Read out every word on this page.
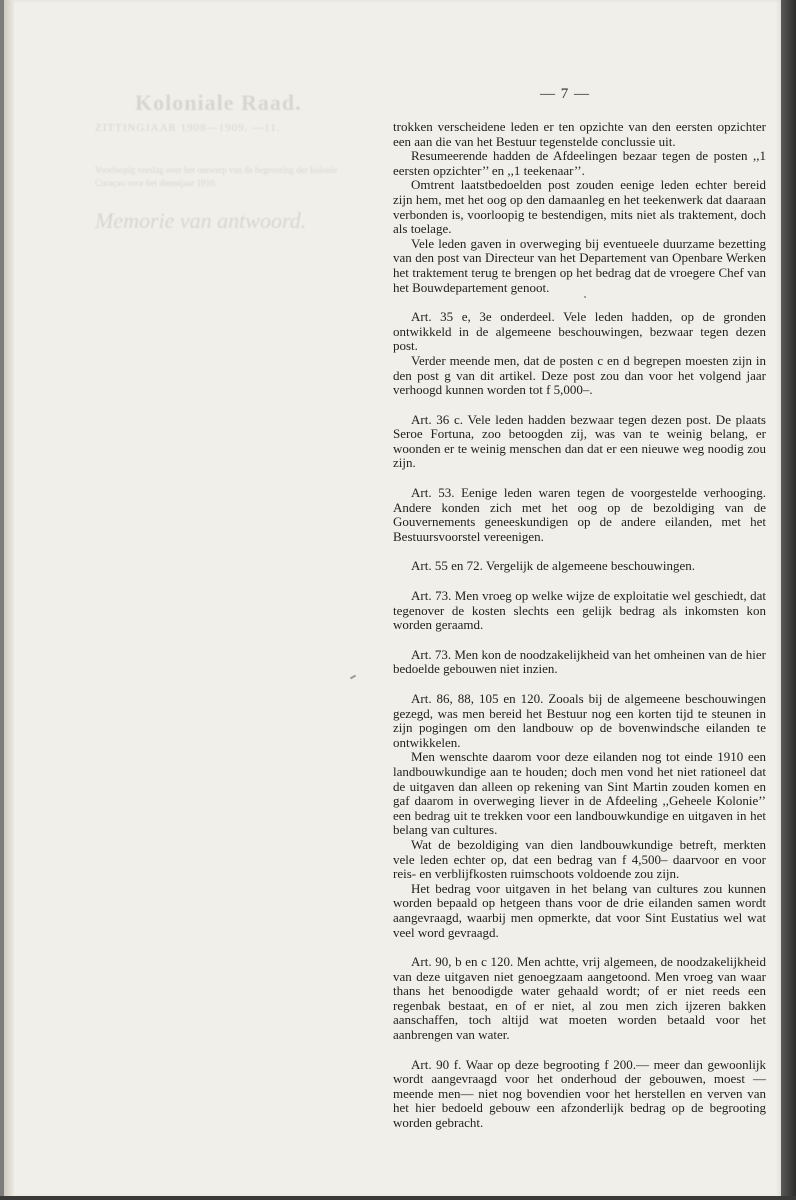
Koloniale Raad.
ZITTINGJAAR 1908—1909. —11.
Voorloopig verslag over het ontwerp van de begrooting der kolonie Curaçao voor het dienstjaar 1910.
Memorie van antwoord.
— 7 —

trokken verscheidene leden er ten opzichte van den eersten opzichter een aan die van het Bestuur tegenstelde conclussie uit.

Resumeerende hadden de Afdeelingen bezaar tegen de posten ,,1 eersten opzichter’’ en ,,1 teekenaar’’.

Omtrent laatstbedoelden post zouden eenige leden echter bereid zijn hem, met het oog op den damaanleg en het teekenwerk dat daaraan verbonden is, voorloopig te bestendigen, mits niet als traktement, doch als toelage.

Vele leden gaven in overweging bij eventueele duurzame bezetting van den post van Directeur van het Departement van Openbare Werken het traktement terug te brengen op het bedrag dat de vroegere Chef van het Bouwdepartement genoot.

Art. 35 e, 3e onderdeel. Vele leden hadden, op de gronden ontwikkeld in de algemeene beschouwingen, bezwaar tegen dezen post.

Verder meende men, dat de posten c en d begrepen moesten zijn in den post g van dit artikel. Deze post zou dan voor het volgend jaar verhoogd kunnen worden tot f 5,000–.

Art. 36 c. Vele leden hadden bezwaar tegen dezen post. De plaats Seroe Fortuna, zoo betoogden zij, was van te weinig belang, er woonden er te weinig menschen dan dat er een nieuwe weg noodig zou zijn.

Art. 53. Eenige leden waren tegen de voorgestelde verhooging. Andere konden zich met het oog op de bezoldiging van de Gouvernements geneeskundigen op de andere eilanden, met het Bestuursvoorstel vereenigen.

Art. 55 en 72. Vergelijk de algemeene beschouwingen.

Art. 73. Men vroeg op welke wijze de exploitatie wel geschiedt, dat tegenover de kosten slechts een gelijk bedrag als inkomsten kon worden geraamd.

Art. 73. Men kon de noodzakelijkheid van het omheinen van de hier bedoelde gebouwen niet inzien.

Art. 86, 88, 105 en 120. Zooals bij de algemeene beschouwingen gezegd, was men bereid het Bestuur nog een korten tijd te steunen in zijn pogingen om den landbouw op de bovenwindsche eilanden te ontwikkelen.

Men wenschte daarom voor deze eilanden nog tot einde 1910 een landbouwkundige aan te houden; doch men vond het niet rationeel dat de uitgaven dan alleen op rekening van Sint Martin zouden komen en gaf daarom in overweging liever in de Afdeeling ,,Geheele Kolonie’’ een bedrag uit te trekken voor een landbouwkundige en uitgaven in het belang van cultures.

Wat de bezoldiging van dien landbouwkundige betreft, merkten vele leden echter op, dat een bedrag van f 4,500– daarvoor en voor reis- en verblijfkosten ruimschoots voldoende zou zijn.

Het bedrag voor uitgaven in het belang van cultures zou kunnen worden bepaald op hetgeen thans voor de drie eilanden samen wordt aangevraagd, waarbij men opmerkte, dat voor Sint Eustatius wel wat veel word gevraagd.

Art. 90, b en c 120. Men achtte, vrij algemeen, de noodzakelijkheid van deze uitgaven niet genoegzaam aangetoond. Men vroeg van waar thans het benoodigde water gehaald wordt; of er niet reeds een regenbak bestaat, en of er niet, al zou men zich ijzeren bakken aanschaffen, toch altijd wat moeten worden betaald voor het aanbrengen van water.

Art. 90 f. Waar op deze begrooting f 200.— meer dan gewoonlijk wordt aangevraagd voor het onderhoud der gebouwen, moest —meende men— niet nog bovendien voor het herstellen en verven van het hier bedoeld gebouw een afzonderlijk bedrag op de begrooting worden gebracht.
